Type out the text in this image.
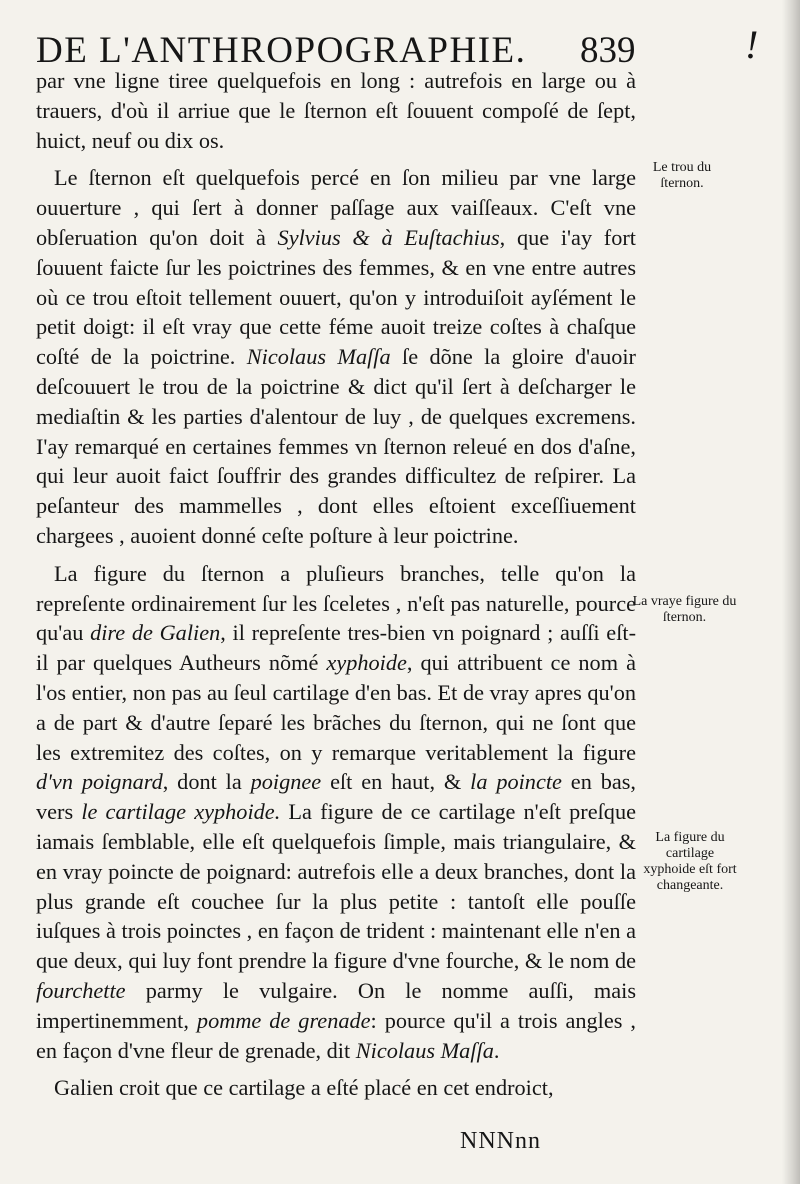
DE L'ANTHROPOGRAPHIE.	839	!

par vne ligne tiree quelquefois en long : autrefois en large ou à trauers, d'où il arriue que le ſternon eſt ſouuent compoſé de ſept, huict, neuf ou dix os.

Le ſternon eſt quelquefois percé en ſon milieu par vne large ouuerture , qui ſert à donner paſſage aux vaiſſeaux. C'eſt vne obſeruation qu'on doit à Sylvius & à Euſtachius, que i'ay fort ſouuent faicte ſur les poictrines des femmes, & en vne entre autres où ce trou eſtoit tellement ouuert, qu'on y introduiſoit ayſément le petit doigt: il eſt vray que cette féme auoit treize coſtes à chaſque coſté de la poictrine. Nicolaus Maſſa ſe dõne la gloire d'auoir deſcouuert le trou de la poictrine & dict qu'il ſert à deſcharger le mediaſtin & les parties d'alentour de luy , de quelques excremens. I'ay remarqué en certaines femmes vn ſternon releué en dos d'aſne, qui leur auoit faict ſouffrir des grandes difficultez de reſpirer. La peſanteur des mammelles , dont elles eſtoient exceſſiuement chargees , auoient donné ceſte poſture à leur poictrine.

La figure du ſternon a pluſieurs branches, telle qu'on la repreſente ordinairement ſur les ſceletes , n'eſt pas naturelle, pource qu'au dire de Galien, il repreſente tres-bien vn poignard ; auſſi eſt-il par quelques Autheurs nõmé xyphoide, qui attribuent ce nom à l'os entier, non pas au ſeul cartilage d'en bas. Et de vray apres qu'on a de part & d'autre ſeparé les brãches du ſternon, qui ne ſont que les extremitez des coſtes, on y remarque veritablement la figure d'vn poignard, dont la poignee eſt en haut, & la poincte en bas, vers le cartilage xyphoide. La figure de ce cartilage n'eſt preſque iamais ſemblable, elle eſt quelquefois ſimple, mais triangulaire, & en vray poincte de poignard: autrefois elle a deux branches, dont la plus grande eſt couchee ſur la plus petite : tantoſt elle pouſſe iuſques à trois poinctes , en façon de trident : maintenant elle n'en a que deux, qui luy font prendre la figure d'vne fourche, & le nom de fourchette parmy le vulgaire. On le nomme auſſi, mais impertinemment, pomme de grenade: pource qu'il a trois angles , en façon d'vne fleur de grenade, dit Nicolaus Maſſa.

Galien croit que ce cartilage a eſté placé en cet endroict,

Le trou du ſternon.
La vraye figure du ſternon.
La figure du cartilage xyphoide eſt fort changeante.
NNNnn
